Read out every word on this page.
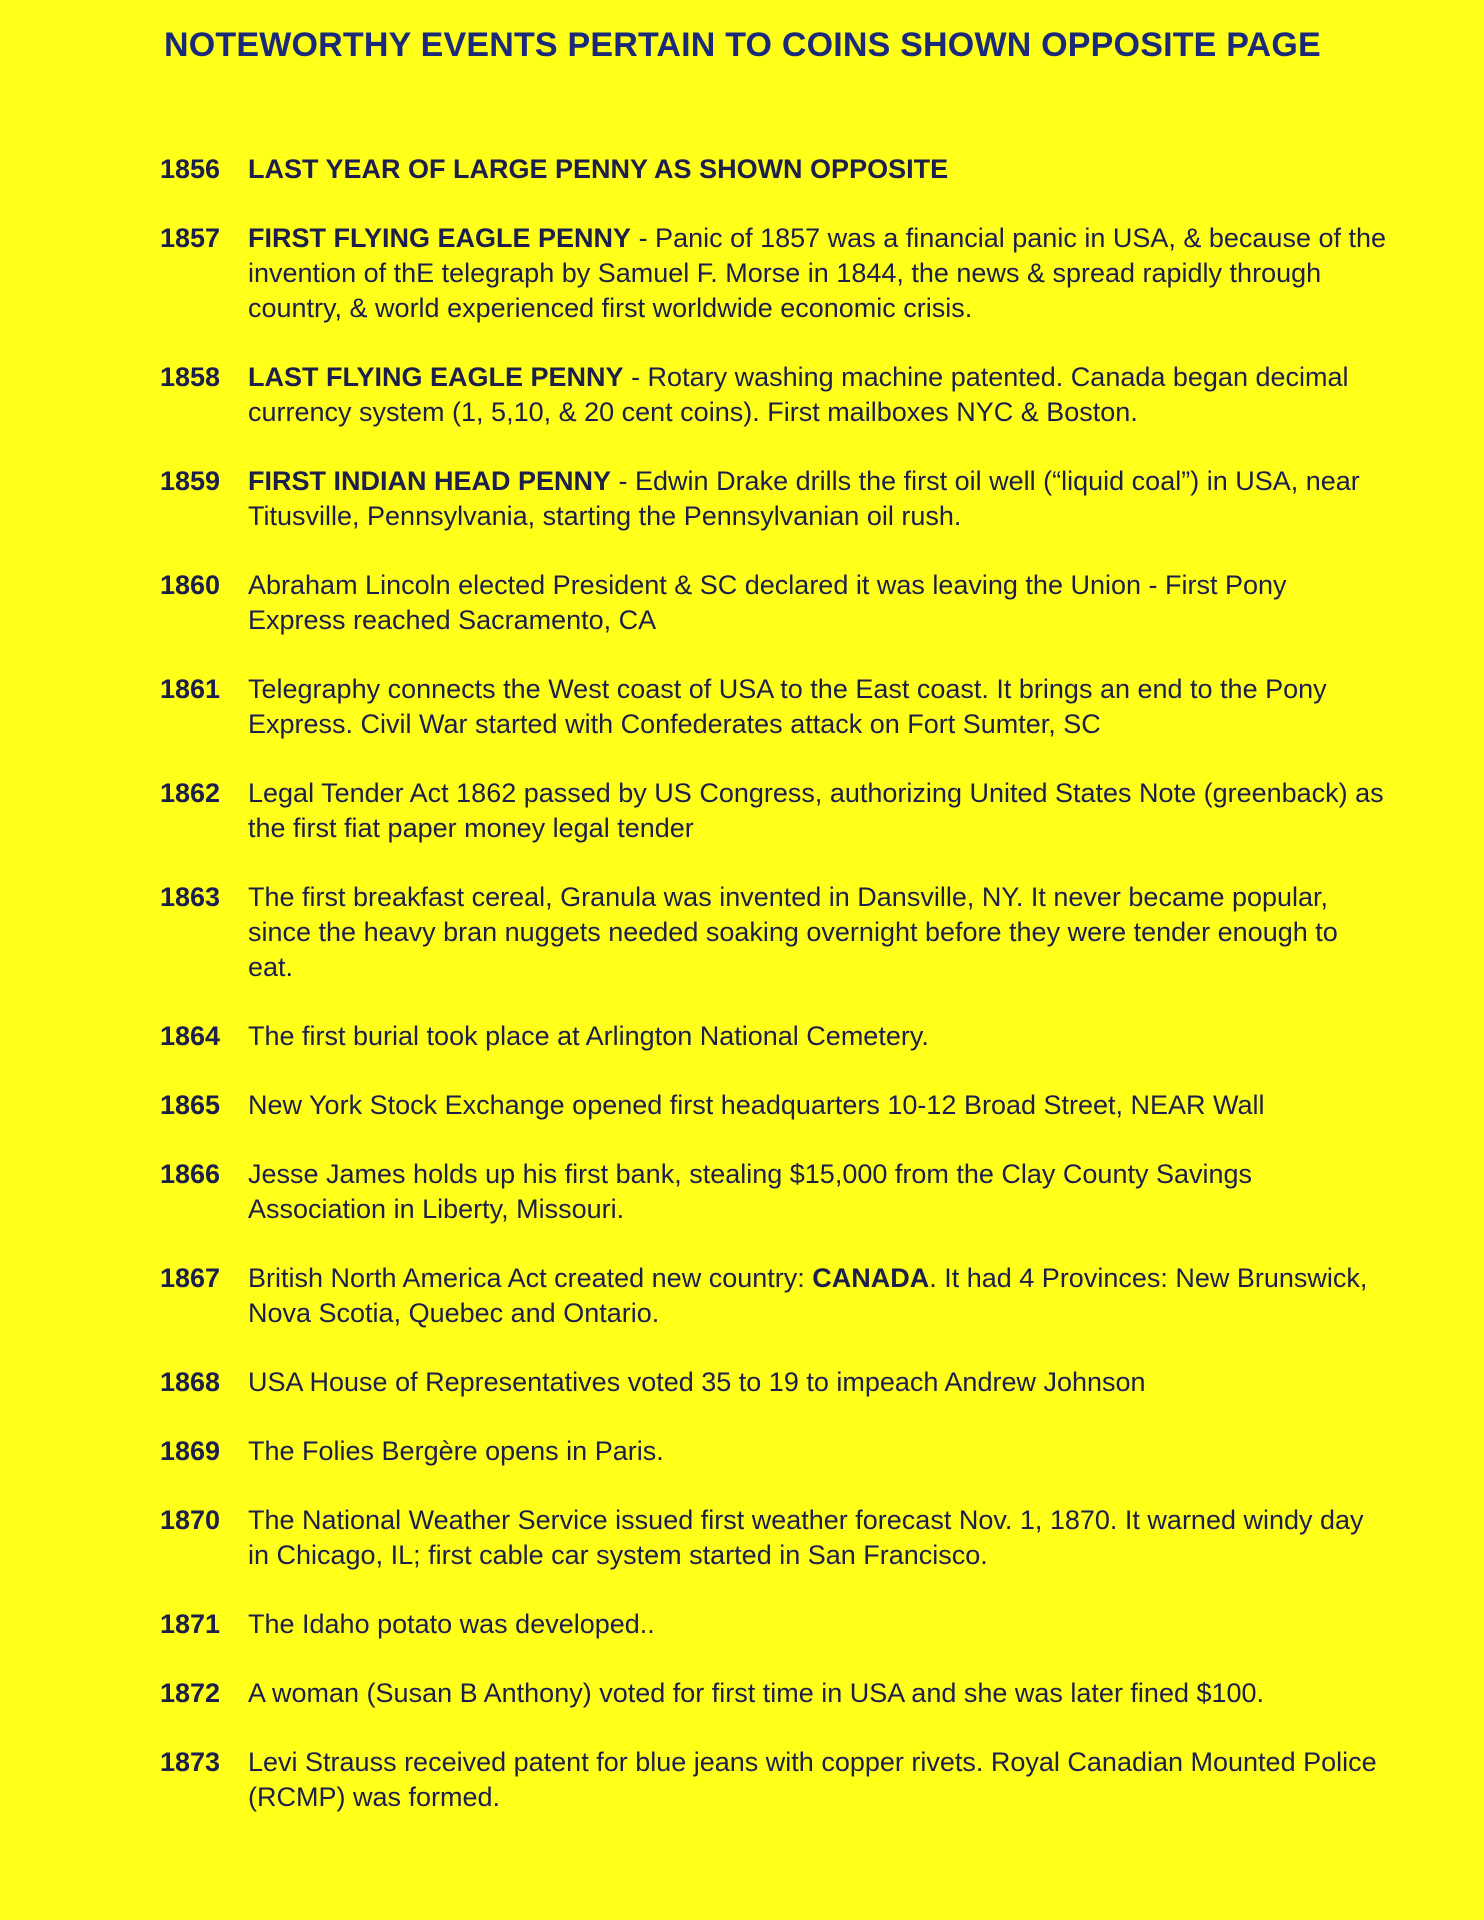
NOTEWORTHY EVENTS PERTAIN TO COINS SHOWN OPPOSITE PAGE
1856 LAST YEAR OF LARGE PENNY AS SHOWN OPPOSITE
1857 FIRST FLYING EAGLE PENNY - Panic of 1857 was a financial panic in USA, & because of the invention of thE telegraph by Samuel F. Morse in 1844, the news & spread rapidly through country, & world experienced first worldwide economic crisis.
1858 LAST FLYING EAGLE PENNY - Rotary washing machine patented. Canada began decimal currency system (1, 5,10, & 20 cent coins). First mailboxes NYC & Boston.
1859 FIRST INDIAN HEAD PENNY - Edwin Drake drills the first oil well (“liquid coal”) in USA, near Titusville, Pennsylvania, starting the Pennsylvanian oil rush.
1860 Abraham Lincoln elected President & SC declared it was leaving the Union - First Pony Express reached Sacramento, CA
1861 Telegraphy connects the West coast of USA to the East coast. It brings an end to the Pony Express. Civil War started with Confederates attack on Fort Sumter, SC
1862 Legal Tender Act 1862 passed by US Congress, authorizing United States Note (greenback) as the first fiat paper money legal tender
1863 The first breakfast cereal, Granula was invented in Dansville, NY. It never became popular, since the heavy bran nuggets needed soaking overnight before they were tender enough to eat.
1864 The first burial took place at Arlington National Cemetery.
1865 New York Stock Exchange opened first headquarters 10-12 Broad Street, NEAR Wall
1866 Jesse James holds up his first bank, stealing $15,000 from the Clay County Savings Association in Liberty, Missouri.
1867 British North America Act created new country: CANADA. It had 4 Provinces: New Brunswick, Nova Scotia, Quebec and Ontario.
1868 USA House of Representatives voted 35 to 19 to impeach Andrew Johnson
1869 The Folies Bergère opens in Paris.
1870 The National Weather Service issued first weather forecast Nov. 1, 1870. It warned windy day in Chicago, IL; first cable car system started in San Francisco.
1871 The Idaho potato was developed..
1872 A woman (Susan B Anthony) voted for first time in USA and she was later fined $100.
1873 Levi Strauss received patent for blue jeans with copper rivets. Royal Canadian Mounted Police (RCMP) was formed.
